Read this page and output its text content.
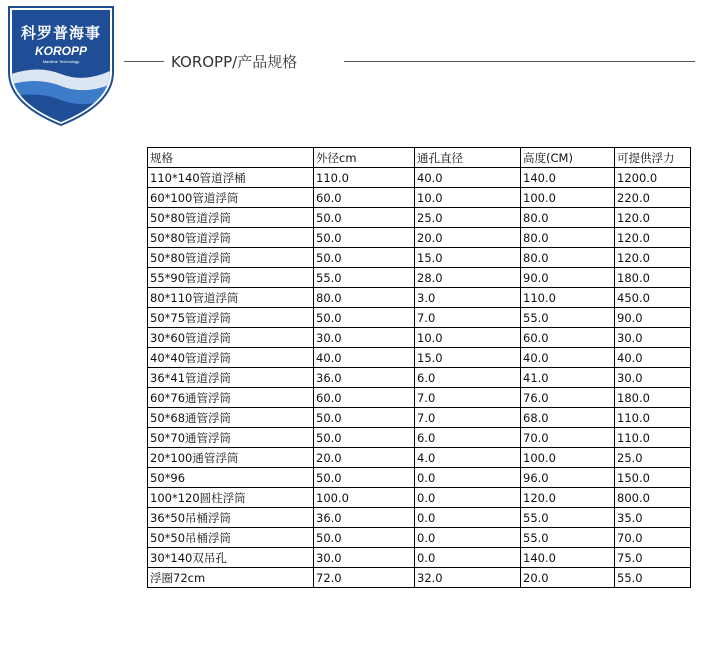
科罗普海事
KOROPP
Maritime Technology	KOROPP/产品规格
规格	外径cm	通孔直径	高度(CM)	可提供浮力
110*140管道浮桶	110.0	40.0	140.0	1200.0
60*100管道浮筒	60.0	10.0	100.0	220.0
50*80管道浮筒	50.0	25.0	80.0	120.0
50*80管道浮筒	50.0	20.0	80.0	120.0
50*80管道浮筒	50.0	15.0	80.0	120.0
55*90管道浮筒	55.0	28.0	90.0	180.0
80*110管道浮筒	80.0	3.0	110.0	450.0
50*75管道浮筒	50.0	7.0	55.0	90.0
30*60管道浮筒	30.0	10.0	60.0	30.0
40*40管道浮筒	40.0	15.0	40.0	40.0
36*41管道浮筒	36.0	6.0	41.0	30.0
60*76通管浮筒	60.0	7.0	76.0	180.0
50*68通管浮筒	50.0	7.0	68.0	110.0
50*70通管浮筒	50.0	6.0	70.0	110.0
20*100通管浮筒	20.0	4.0	100.0	25.0
50*96	50.0	0.0	96.0	150.0
100*120圆柱浮筒	100.0	0.0	120.0	800.0
36*50吊桶浮筒	36.0	0.0	55.0	35.0
50*50吊桶浮筒	50.0	0.0	55.0	70.0
30*140双吊孔	30.0	0.0	140.0	75.0
浮圈72cm	72.0	32.0	20.0	55.0
